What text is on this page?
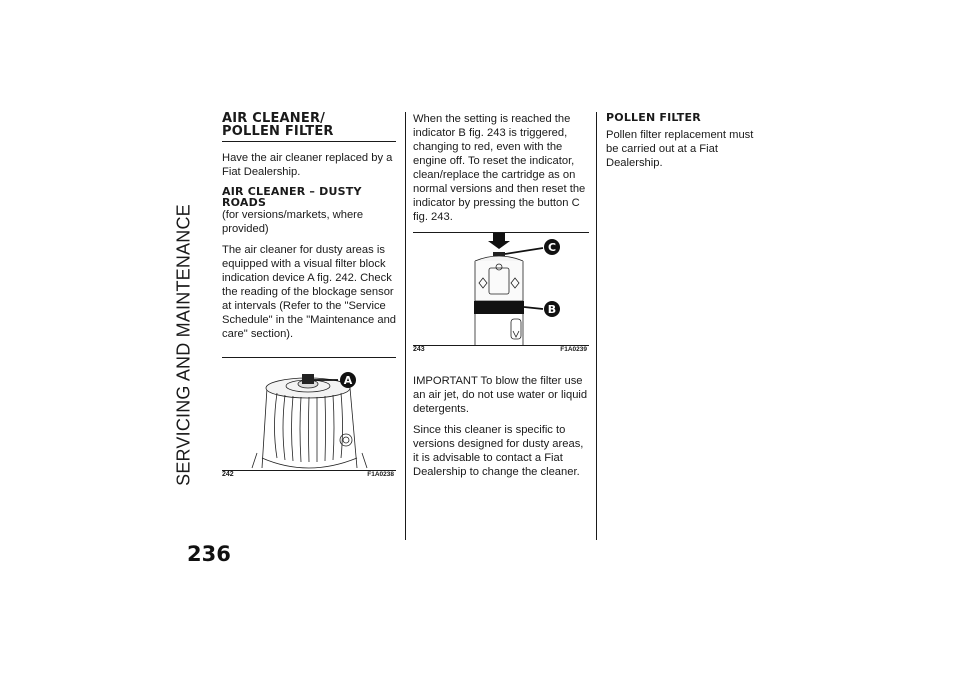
SERVICING AND MAINTENANCE
236
AIR CLEANER/
POLLEN FILTER

Have the air cleaner replaced by a Fiat Dealership.

AIR CLEANER – DUSTY
ROADS

(for versions/markets, where provided)

The air cleaner for dusty areas is equipped with a visual filter block indication device A fig. 242. Check the reading of the blockage sensor at intervals (Refer to the "Service Schedule" in the "Maintenance and care" section).

A
242	F1A0238

When the setting is reached the indicator B fig. 243 is triggered, changing to red, even with the engine off. To reset the indicator, clean/replace the cartridge as on normal versions and then reset the indicator by pressing the button C fig. 243.

C
B
243	F1A0239

IMPORTANT To blow the filter use an air jet, do not use water or liquid detergents.

Since this cleaner is specific to versions designed for dusty areas, it is advisable to contact a Fiat Dealership to change the cleaner.

POLLEN FILTER

Pollen filter replacement must be carried out at a Fiat Dealership.
